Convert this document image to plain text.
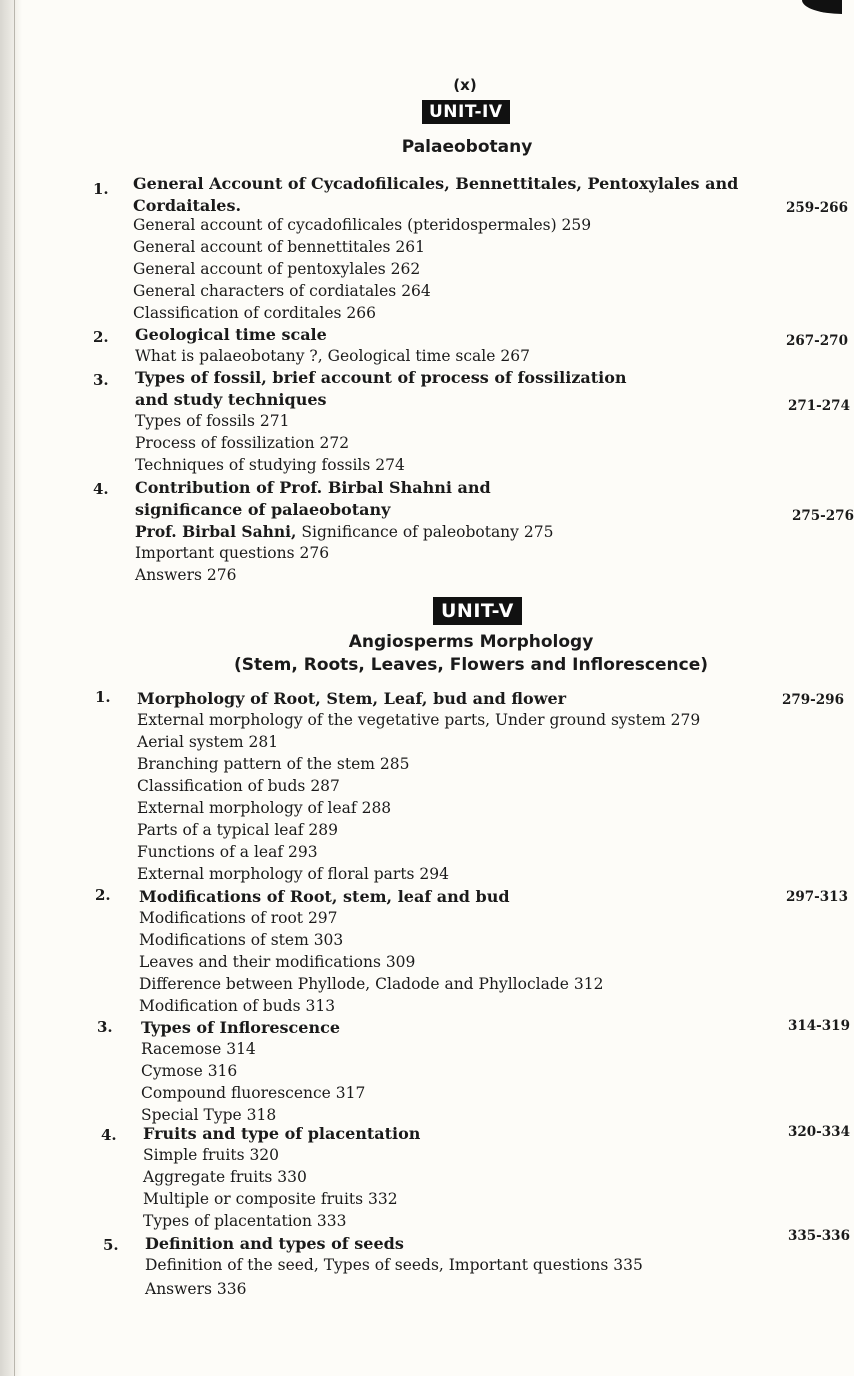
(x)
UNIT-IV
Palaeobotany
1. General Account of Cycadofilicales, Bennettitales, Pentoxylales and
Cordaitales.	259-266
General account of cycadofilicales (pteridospermales) 259
General account of bennettitales 261
General account of pentoxylales 262
General characters of cordiatales 264
Classification of corditales 266
2. Geological time scale	267-270
What is palaeobotany ?, Geological time scale 267
3. Types of fossil, brief account of process of fossilization
and study techniques	271-274
Types of fossils 271
Process of fossilization 272
Techniques of studying fossils 274
4. Contribution of Prof. Birbal Shahni and
significance of palaeobotany	275-276
Prof. Birbal Sahni, Significance of paleobotany 275
Important questions 276
Answers 276
UNIT-V
Angiosperms Morphology
(Stem, Roots, Leaves, Flowers and Inflorescence)
1. Morphology of Root, Stem, Leaf, bud and flower	279-296
External morphology of the vegetative parts, Under ground system 279
Aerial system 281
Branching pattern of the stem 285
Classification of buds 287
External morphology of leaf 288
Parts of a typical leaf 289
Functions of a leaf 293
External morphology of floral parts 294
2. Modifications of Root, stem, leaf and bud	297-313
Modifications of root 297
Modifications of stem 303
Leaves and their modifications 309
Difference between Phyllode, Cladode and Phylloclade 312
Modification of buds 313
3. Types of Inflorescence	314-319
Racemose 314
Cymose 316
Compound fluorescence 317
Special Type 318
4. Fruits and type of placentation	320-334
Simple fruits 320
Aggregate fruits 330
Multiple or composite fruits 332
Types of placentation 333
5. Definition and types of seeds	335-336
Definition of the seed, Types of seeds, Important questions 335
Answers 336
